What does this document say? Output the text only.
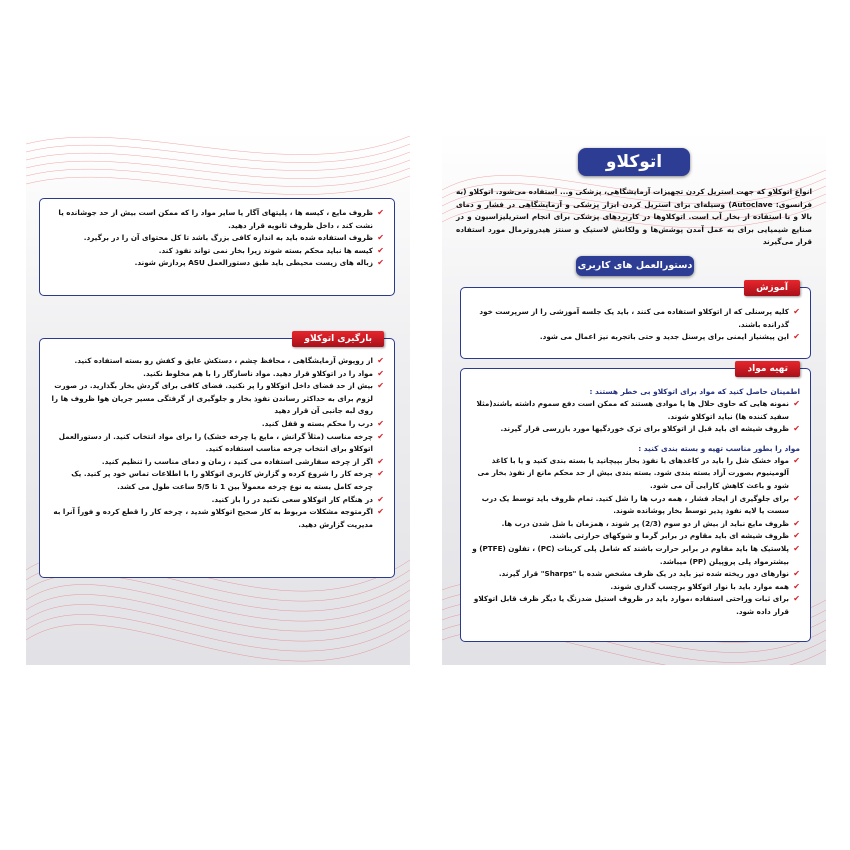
✔ ظروف مایع ، کیسه ها ، پلیتهای آگار یا سایر مواد را که ممکن است بیش از حد جوشانده یا نشت کند ، داخل ظروف ثانویه قرار دهید.
✔ ظروف استفاده شده باید به اندازه کافی بزرگ باشد تا کل محتوای آن را در برگیرد.
✔ کیسه ها نباید محکم بسته شوند زیرا بخار نمی تواند نفوذ کند.
✔ زباله های زیست محیطی باید طبق دستورالعمل ASU پردازش شوند.
بارگیری اتوکلاو
✔ از روپوش آزمایشگاهی ، محافظ چشم ، دستکش عایق و کفش رو بسته استفاده کنید.
✔ مواد را در اتوکلاو قرار دهید. مواد ناسازگار را با هم مخلوط نکنید.
✔ بیش از حد فضای داخل اتوکلاو را پر نکنید. فضای کافی برای گردش بخار بگذارید. در صورت لزوم برای به حداکثر رساندن نفوذ بخار و جلوگیری از گرفتگی مسیر جریان هوا ظروف ها را روی لبه جانبی آن قرار دهید
✔ درب را محکم بسته و قفل کنید.
✔ چرخه مناسب (مثلاً گرانش ، مایع یا چرخه خشک) را برای مواد انتخاب کنید. از دستورالعمل اتوکلاو برای انتخاب چرخه مناسب استفاده کنید.
✔ اگر از چرخه سفارشی استفاده می کنید ، زمان و دمای مناسب را تنظیم کنید.
✔ چرخه کار را شروع کرده و گزارش کاربری اتوکلاو را با اطلاعات تماس خود پر کنید. یک چرخه کامل بسته به نوع چرخه معمولاً بین 1 تا 5/5 ساعت طول می کشد.
✔ در هنگام کار اتوکلاو سعی نکنید در را باز کنید.
✔ اگرمتوجه مشکلات مربوط به کار صحیح اتوکلاو شدید ، چرخه کار را قطع کرده و فوراً آنرا به مدیریت گزارش دهید.
اتوکلاو

انواع اتوکلاو که جهت استریل کردن تجهیزات آزمایشگاهی، پزشکی و... استفاده می‌شود. اتوکلاو (به فرانسوی: Autoclave) وسیله‌ای برای استریل کردن ابزار پزشکی و آزمایشگاهی در فشار و دمای بالا و با استفاده از بخار آب است. اتوکلاوها در کاربردهای پزشکی برای انجام استریلیزاسیون و در صنایع شیمیایی برای به عمل آمدن پوشش‌ها و ولکانش لاستیک و سنتز هیدروترمال مورد استفاده قرار می‌گیرند

دستورالعمل های کاربری
آموزش
✔ کلیه پرسنلی که از اتوکلاو استفاده می کنند ، باید یک جلسه آموزشی را از سرپرست خود گذرانده باشند.
✔ این پیشنیاز ایمنی برای پرسنل جدید و حتی باتجربه نیز اعمال می شود.
تهیه مواد

اطمینان حاصل کنید که مواد برای اتوکلاو بی خطر هستند :

✔ نمونه هایی که حاوی حلال ها یا موادی هستند که ممکن است دفع سموم داشته باشند(مثلا سفید کننده ها) نباید اتوکلاو شوند.
✔ ظروف شیشه ای باید قبل از اتوکلاو برای ترک خوردگیها مورد بازرسی قرار گیرند.

مواد را بطور مناسب تهیه و بسته بندی کنید :

✔ مواد خشک شل را باید در کاغذهای با نفوذ بخار بپیچانید یا بسته بندی کنید و یا با کاغذ آلومینیوم بصورت آزاد بسته بندی شود. بسته بندی بیش از حد محکم مانع از نفوذ بخار می شود و باعث کاهش کارایی آن می شود.
✔ برای جلوگیری از ایجاد فشار ، همه درب ها را شل کنید. تمام ظروف باید توسط یک درب سست یا لایه نفوذ پذیر توسط بخار پوشانده شوند.
✔ ظروف مایع نباید از بیش از دو سوم (2/3) پر شوند ، همزمان با شل شدن درب ها.
✔ ظروف شیشه ای باید مقاوم در برابر گرما و شوکهای حرارتی باشند.
✔ پلاستیک ها باید مقاوم در برابر حرارت باشند که شامل پلی کربنات (PC) ، تفلون (PTFE) و بیشترمواد پلی پروپیلن (PP) میباشد.
✔ نوارهای دور ریخته شده تیز باید در یک ظرف مشخص شده با "Sharps" قرار گیرند.
✔ همه موارد باید با نوار اتوکلاو برچسب گذاری شوند.
✔ برای ثبات وراحتی استفاده ،موارد باید در ظروف استیل ضدزنگ یا دیگر ظرف قابل اتوکلاو قرار داده شود.
